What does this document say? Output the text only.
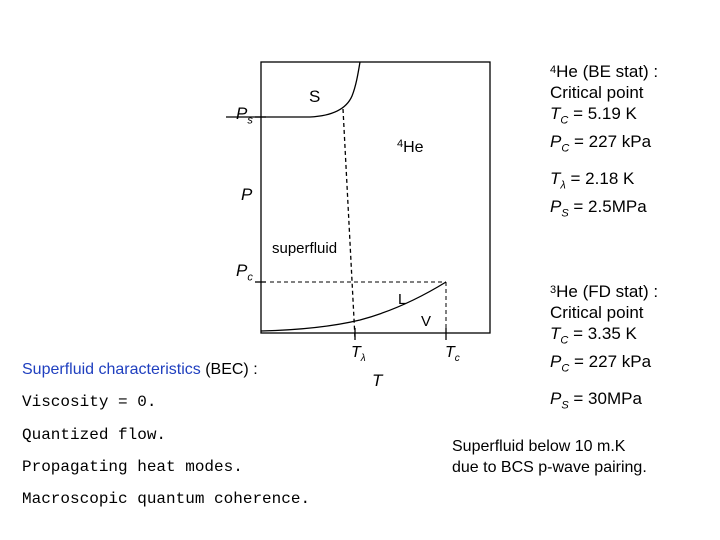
$P_s$
P
$P_c$
$T_\lambda$	$T_c$
T
S
superfluid
L
V
$^4$He
$^4$He (BE stat) :
Critical point
$T_C = 5.19$ K
$P_C = 227$ kPa
$T_\lambda = 2.18$ K
$P_S = 2.5MPa$
$^3$He (FD stat) :
Critical point
$T_C = 3.35$ K
$P_C = 227$ kPa
$P_S = 30MPa$
Superfluid below 10 m.K
due to BCS p-wave pairing.
Superfluid characteristics (BEC) :
Viscosity = 0.
Quantized flow.
Propagating heat modes.
Macroscopic quantum coherence.
